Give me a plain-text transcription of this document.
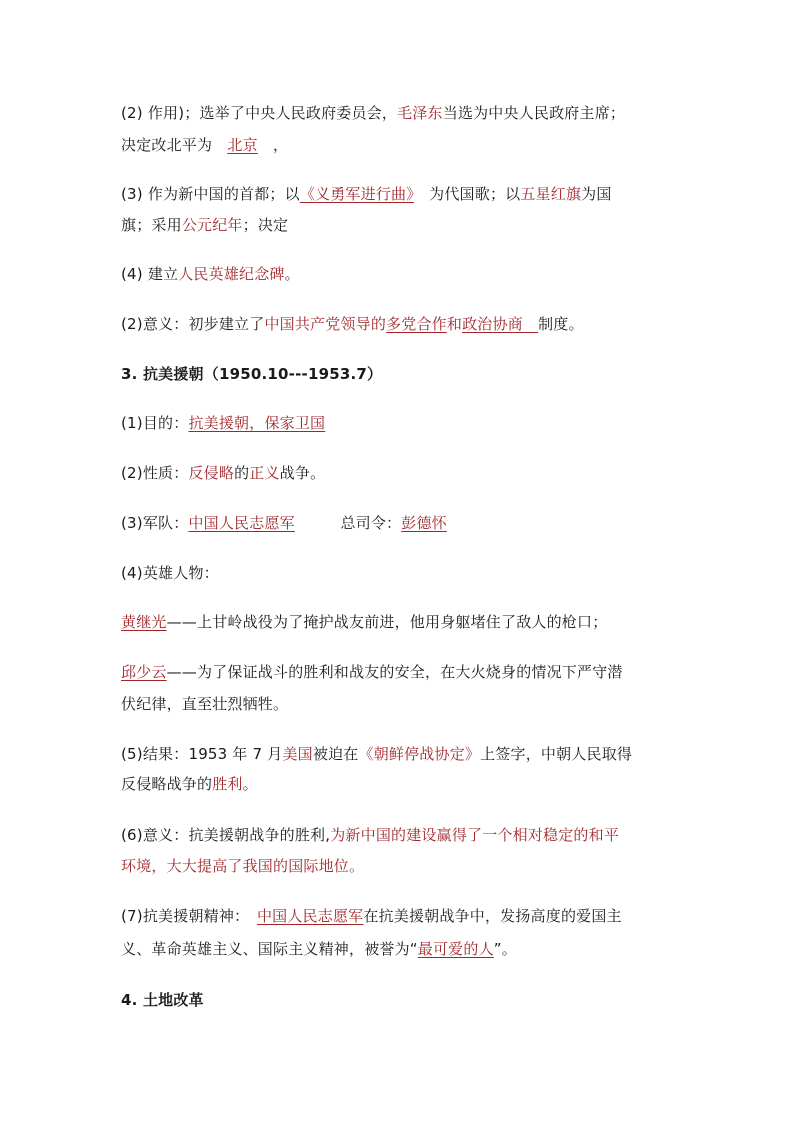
(2) 作用)；选举了中央人民政府委员会，毛泽东当选为中央人民政府主席；
决定改北平为　北京　，
(3) 作为新中国的首都；以《义勇军进行曲》　为代国歌；以五星红旗为国
旗；采用公元纪年；决定
(4) 建立人民英雄纪念碑。
(2)意义：初步建立了中国共产党领导的多党合作和政治协商　制度。
3. 抗美援朝（1950.10---1953.7）
(1)目的：抗美援朝，保家卫国
(2)性质：反侵略的正义战争。
(3)军队：中国人民志愿军　　　总司令：彭德怀
(4)英雄人物：
黄继光——上甘岭战役为了掩护战友前进，他用身躯堵住了敌人的枪口；
邱少云——为了保证战斗的胜利和战友的安全，在大火烧身的情况下严守潜
伏纪律，直至壮烈牺牲。
(5)结果：1953 年 7 月美国被迫在《朝鲜停战协定》上签字，中朝人民取得
反侵略战争的胜利。
(6)意义：抗美援朝战争的胜利,为新中国的建设赢得了一个相对稳定的和平
环境，大大提高了我国的国际地位。
(7)抗美援朝精神：　中国人民志愿军在抗美援朝战争中，发扬高度的爱国主
义、革命英雄主义、国际主义精神，被誉为“最可爱的人”。
4. 土地改革
